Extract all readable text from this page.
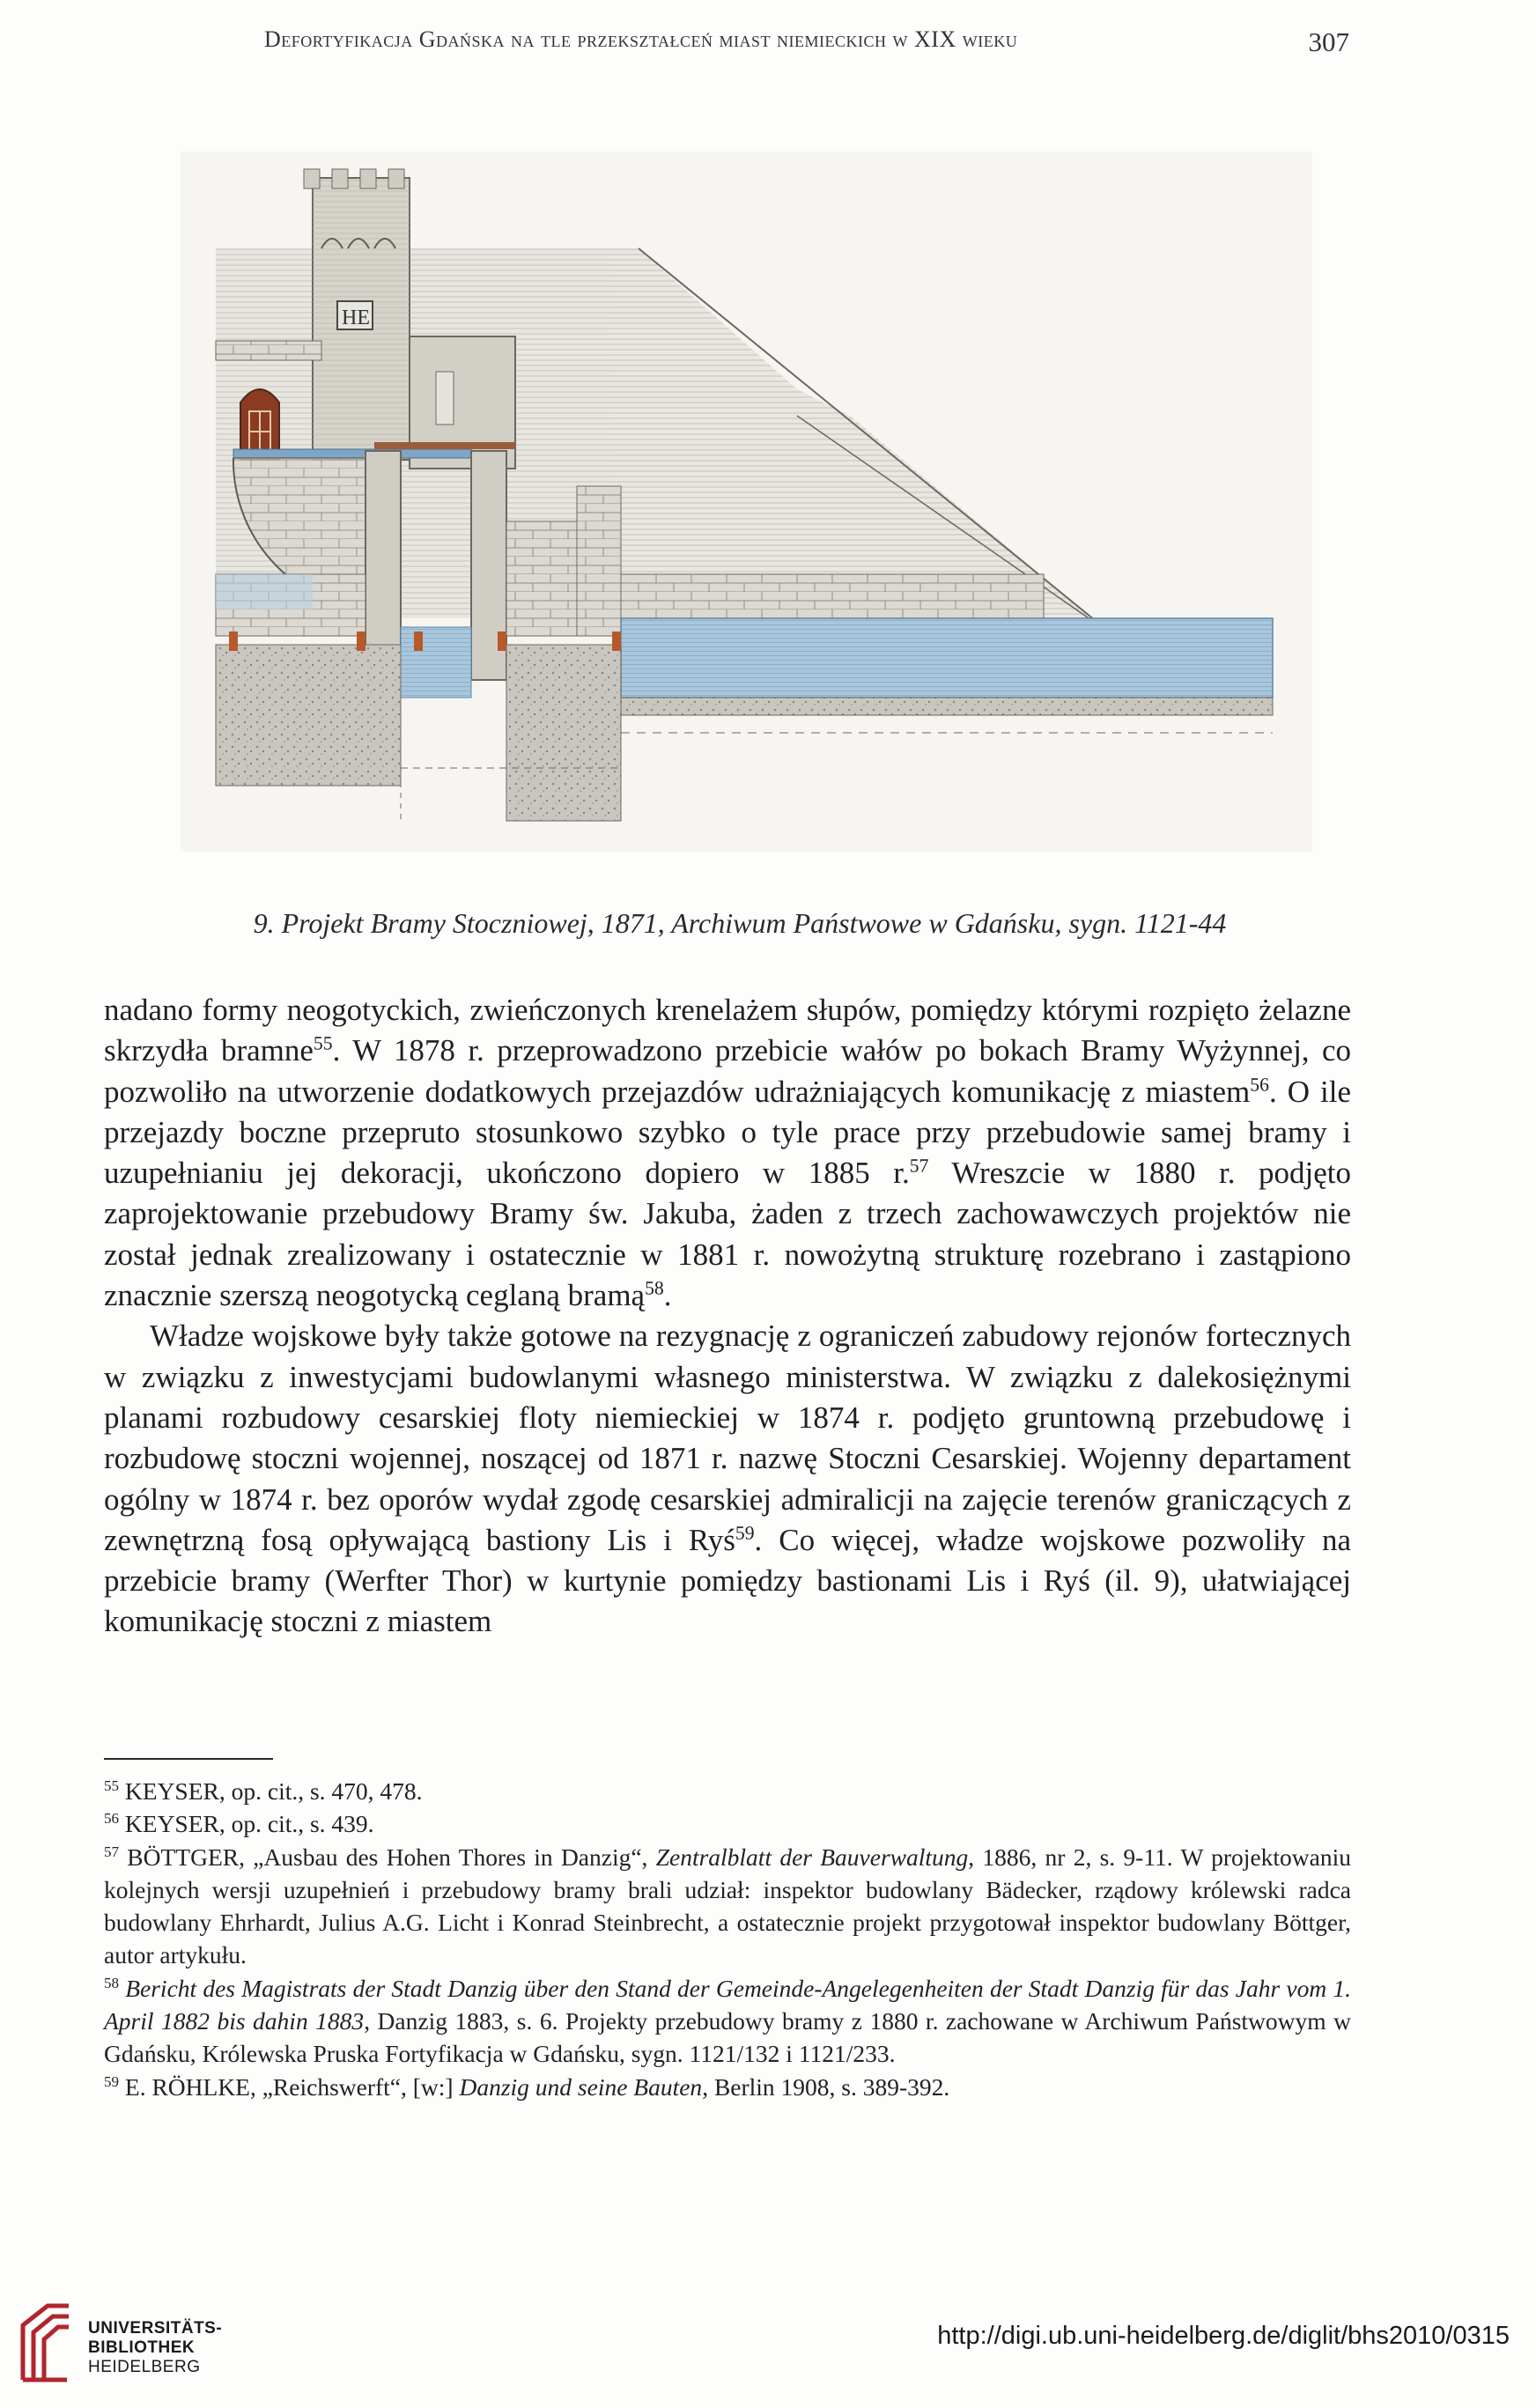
Defortyfikacja Gdańska na tle przekształceń miast niemieckich w XIX wieku	307
HE
9. Projekt Bramy Stoczniowej, 1871, Archiwum Państwowe w Gdańsku, sygn. 1121-44

nadano formy neogotyckich, zwieńczonych krenelażem słupów, pomiędzy którymi rozpięto żelazne skrzydła bramne$^{55}$. W 1878 r. przeprowadzono przebicie wałów po bokach Bramy Wyżynnej, co pozwoliło na utworzenie dodatkowych przejazdów udrażniających komunikację z miastem$^{56}$. O ile przejazdy boczne przepruto stosunkowo szybko o tyle prace przy przebudowie samej bramy i uzupełnianiu jej dekoracji, ukończono dopiero w 1885 r.$^{57}$ Wreszcie w 1880 r. podjęto zaprojektowanie przebudowy Bramy św. Jakuba, żaden z trzech zachowawczych projektów nie został jednak zrealizowany i ostatecznie w 1881 r. nowożytną strukturę rozebrano i zastąpiono znacznie szerszą neogotycką ceglaną bramą$^{58}$.

Władze wojskowe były także gotowe na rezygnację z ograniczeń zabudowy rejonów fortecznych w związku z inwestycjami budowlanymi własnego ministerstwa. W związku z dalekosiężnymi planami rozbudowy cesarskiej floty niemieckiej w 1874 r. podjęto gruntowną przebudowę i rozbudowę stoczni wojennej, noszącej od 1871 r. nazwę Stoczni Cesarskiej. Wojenny departament ogólny w 1874 r. bez oporów wydał zgodę cesarskiej admiralicji na zajęcie terenów graniczących z zewnętrzną fosą opływającą bastiony Lis i Ryś$^{59}$. Co więcej, władze wojskowe pozwoliły na przebicie bramy (Werfter Thor) w kurtynie pomiędzy bastionami Lis i Ryś (il. 9), ułatwiającej komunikację stoczni z miastem

$^{55}$ KEYSER, op. cit., s. 470, 478.

$^{56}$ KEYSER, op. cit., s. 439.

$^{57}$ BÖTTGER, „Ausbau des Hohen Thores in Danzig“, Zentralblatt der Bauverwaltung, 1886, nr 2, s. 9-11. W projektowaniu kolejnych wersji uzupełnień i przebudowy bramy brali udział: inspektor budowlany Bädecker, rządowy królewski radca budowlany Ehrhardt, Julius A.G. Licht i Konrad Steinbrecht, a ostatecznie projekt przygotował inspektor budowlany Böttger, autor artykułu.

$^{58}$ Bericht des Magistrats der Stadt Danzig über den Stand der Gemeinde-Angelegenheiten der Stadt Danzig für das Jahr vom 1. April 1882 bis dahin 1883, Danzig 1883, s. 6. Projekty przebudowy bramy z 1880 r. zachowane w Archiwum Państwowym w Gdańsku, Królewska Pruska Fortyfikacja w Gdańsku, sygn. 1121/132 i 1121/233.

$^{59}$ E. RÖHLKE, „Reichswerft“, [w:] Danzig und seine Bauten, Berlin 1908, s. 389-392.

UNIVERSITÄTS-
BIBLIOTHEK
HEIDELBERG
http://digi.ub.uni-heidelberg.de/diglit/bhs2010/0315
